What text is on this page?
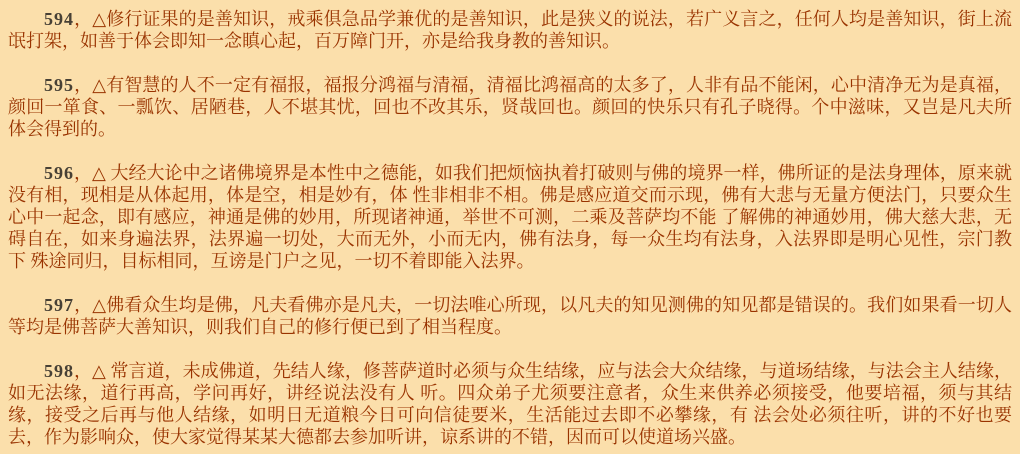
594，△修行证果的是善知识，戒乘俱急品学兼优的是善知识，此是狭义的说法，若广义言之，任何人均是善知识，街上流氓打架，如善于体会即知一念瞋心起，百万障门开，亦是给我身教的善知识。

595，△有智慧的人不一定有福报，福报分鸿福与清福，清福比鸿福高的太多了，人非有品不能闲，心中清净无为是真福，颜回一箪食、一瓢饮、居陋巷，人不堪其忧，回也不改其乐，贤哉回也。颜回的快乐只有孔子晓得。个中滋味，又岂是凡夫所体会得到的。

596，△ 大经大论中之诸佛境界是本性中之德能，如我们把烦恼执着打破则与佛的境界一样，佛所证的是法身理体，原来就没有相，现相是从体起用，体是空，相是妙有，体 性非相非不相。佛是感应道交而示现，佛有大悲与无量方便法门，只要众生心中一起念，即有感应，神通是佛的妙用，所现诸神通，举世不可测，二乘及菩萨均不能 了解佛的神通妙用，佛大慈大悲，无碍自在，如来身遍法界，法界遍一切处，大而无外，小而无内，佛有法身，每一众生均有法身，入法界即是明心见性，宗门教下 殊途同归，目标相同，互谤是门户之见，一切不着即能入法界。

597，△佛看众生均是佛，凡夫看佛亦是凡夫，一切法唯心所现，以凡夫的知见测佛的知见都是错误的。我们如果看一切人等均是佛菩萨大善知识，则我们自己的修行便已到了相当程度。

598，△ 常言道，未成佛道，先结人缘，修菩萨道时必须与众生结缘，应与法会大众结缘，与道场结缘，与法会主人结缘，如无法缘，道行再高，学问再好，讲经说法没有人 听。四众弟子尤须要注意者，众生来供养必须接受，他要培福，须与其结缘，接受之后再与他人结缘，如明日无道粮今日可向信徒要米，生活能过去即不必攀缘，有 法会处必须往听，讲的不好也要去，作为影响众，使大家觉得某某大德都去参加听讲，谅系讲的不错，因而可以使道场兴盛。
